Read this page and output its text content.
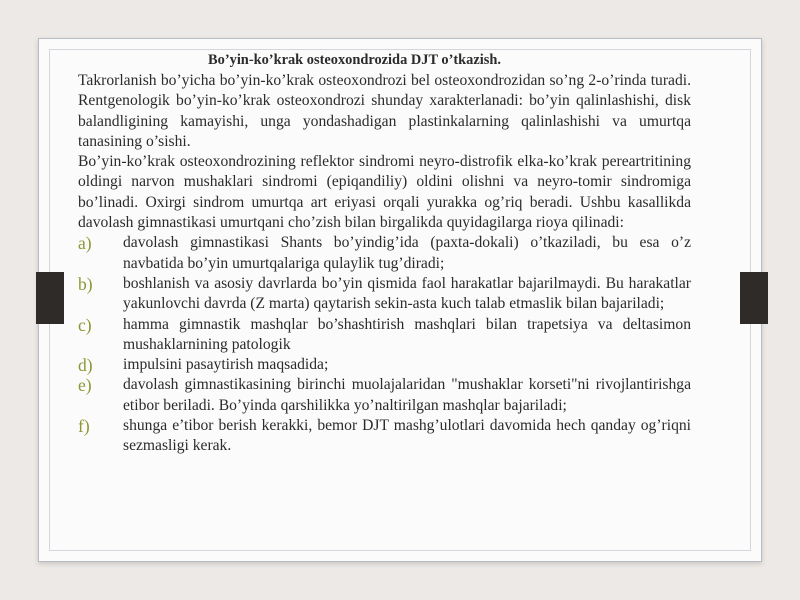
Bo’yin-ko’krak osteoxondrozida DJT o’tkazish.

Takrorlanish bo’yicha bo’yin-ko’krak osteoxondrozi bel osteoxondrozidan so’ng 2-o’rinda turadi. Rentgenologik bo’yin-ko’krak osteoxondrozi shunday xarakterlanadi: bo’yin qalinlashishi, disk balandligining kamayishi, unga yondashadigan plastinkalarning qalinlashishi va umurtqa tanasining o’sishi.

Bo’yin-ko’krak osteoxondrozining reflektor sindromi neyro-distrofik elka-ko’krak pereartritining oldingi narvon mushaklari sindromi (epiqandiliy) oldini olishni va neyro-tomir sindromiga bo’linadi. Oxirgi sindrom umurtqa art eriyasi orqali yurakka og’riq beradi. Ushbu kasallikda davolash gimnastikasi umurtqani cho’zish bilan birgalikda quyidagilarga rioya qilinadi:

a)	davolash gimnastikasi Shants bo’yindig’ida (paxta-dokali) o’tkaziladi, bu esa o’z navbatida bo’yin umurtqalariga qulaylik tug’diradi;
b)	boshlanish va asosiy davrlarda bo’yin qismida faol harakatlar bajarilmaydi. Bu harakatlar yakunlovchi davrda (Z marta) qaytarish sekin-asta kuch talab etmaslik bilan bajariladi;
c)	hamma gimnastik mashqlar bo’shashtirish mashqlari bilan trapetsiya va deltasimon mushaklarnining patologik
d)	impulsini pasaytirish maqsadida;
e)	davolash gimnastikasining birinchi muolajalaridan "mushaklar korseti"ni rivojlantirishga etibor beriladi. Bo’yinda qarshilikka yo’naltirilgan mashqlar bajariladi;
f)	shunga e’tibor berish kerakki, bemor DJT mashg’ulotlari davomida hech qanday og’riqni sezmasligi kerak.
